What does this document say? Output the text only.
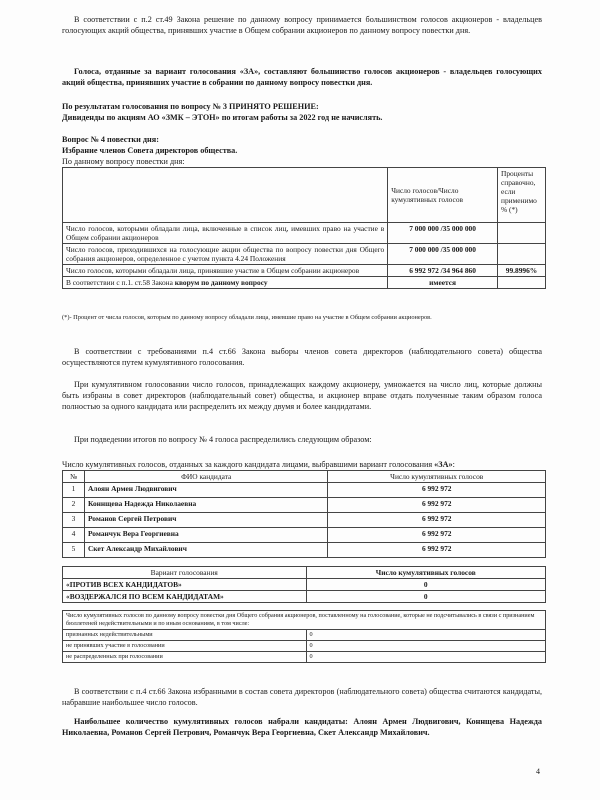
В соответствии с п.2 ст.49 Закона решение по данному вопросу принимается большинством голосов акционеров - владельцев голосующих акций общества, принявших участие в Общем собрании акционеров по данному вопросу повестки дня.

Голоса, отданные за вариант голосования «ЗА», составляют большинство голосов акционеров - владельцев голосующих акций общества, принявших участие в собрании по данному вопросу повестки дня.

По результатам голосования по вопросу № 3 ПРИНЯТО РЕШЕНИЕ:

Дивиденды по акциям АО «ЗМК – ЭТОН» по итогам работы за 2022 год не начислять.

Вопрос № 4 повестки дня:

Избрание членов Совета директоров общества.

По данному вопросу повестки дня:

	Число голосов/Число кумулятивных голосов	Проценты справочно, если применимо % (*)
Число голосов, которыми обладали лица, включенные в список лиц, имевших право на участие в Общем собрании акционеров	7 000 000 /35 000 000	
Число голосов, приходившихся на голосующие акции общества по вопросу повестки дня Общего собрания акционеров, определенное с учетом пункта 4.24 Положения	7 000 000 /35 000 000	
Число голосов, которыми обладали лица, принявшие участие в Общем собрании акционеров	6 992 972 /34 964 860	99.8996%
В соответствии с п.1. ст.58 Закона кворум по данному вопросу	имеется	

(*)- Процент от числа голосов, которым по данному вопросу обладали лица, имевшие право на участие в Общем собрании акционеров.

В соответствии с требованиями п.4 ст.66 Закона выборы членов совета директоров (наблюдательного совета) общества осуществляются путем кумулятивного голосования.

При кумулятивном голосовании число голосов, принадлежащих каждому акционеру, умножается на число лиц, которые должны быть избраны в совет директоров (наблюдательный совет) общества, и акционер вправе отдать полученные таким образом голоса полностью за одного кандидата или распределить их между двумя и более кандидатами.

При подведении итогов по вопросу № 4 голоса распределились следующим образом:

Число кумулятивных голосов, отданных за каждого кандидата лицами, выбравшими вариант голосования «ЗА»:

№	ФИО кандидата	Число кумулятивных голосов
1	Алоян Армен Людвигович	6 992 972
2	Коннщева Надежда Николаевна	6 992 972
3	Романов Сергей Петрович	6 992 972
4	Романчук Вера Георгиевна	6 992 972
5	Скет Александр Михайлович	6 992 972
Вариант голосования	Число кумулятивных голосов
«ПРОТИВ ВСЕХ КАНДИДАТОВ»	0
«ВОЗДЕРЖАЛСЯ ПО ВСЕМ КАНДИДАТАМ»	0
Число кумулятивных голосов по данному вопросу повестки дня Общего собрания акционеров, поставленному на голосование, которые не подсчитывались в связи с признанием бюллетеней недействительными и по иным основаниям, в том числе:	
признанных недействительными	0
не принявших участие в голосовании	0
не распределенных при голосовании	0

В соответствии с п.4 ст.66 Закона избранными в состав совета директоров (наблюдательного совета) общества считаются кандидаты, набравшие наибольшее число голосов.

Наибольшее количество кумулятивных голосов набрали кандидаты: Алоян Армен Людвигович, Коннщева Надежда Николаевна, Романов Сергей Петрович, Романчук Вера Георгиевна, Скет Александр Михайлович.

4
